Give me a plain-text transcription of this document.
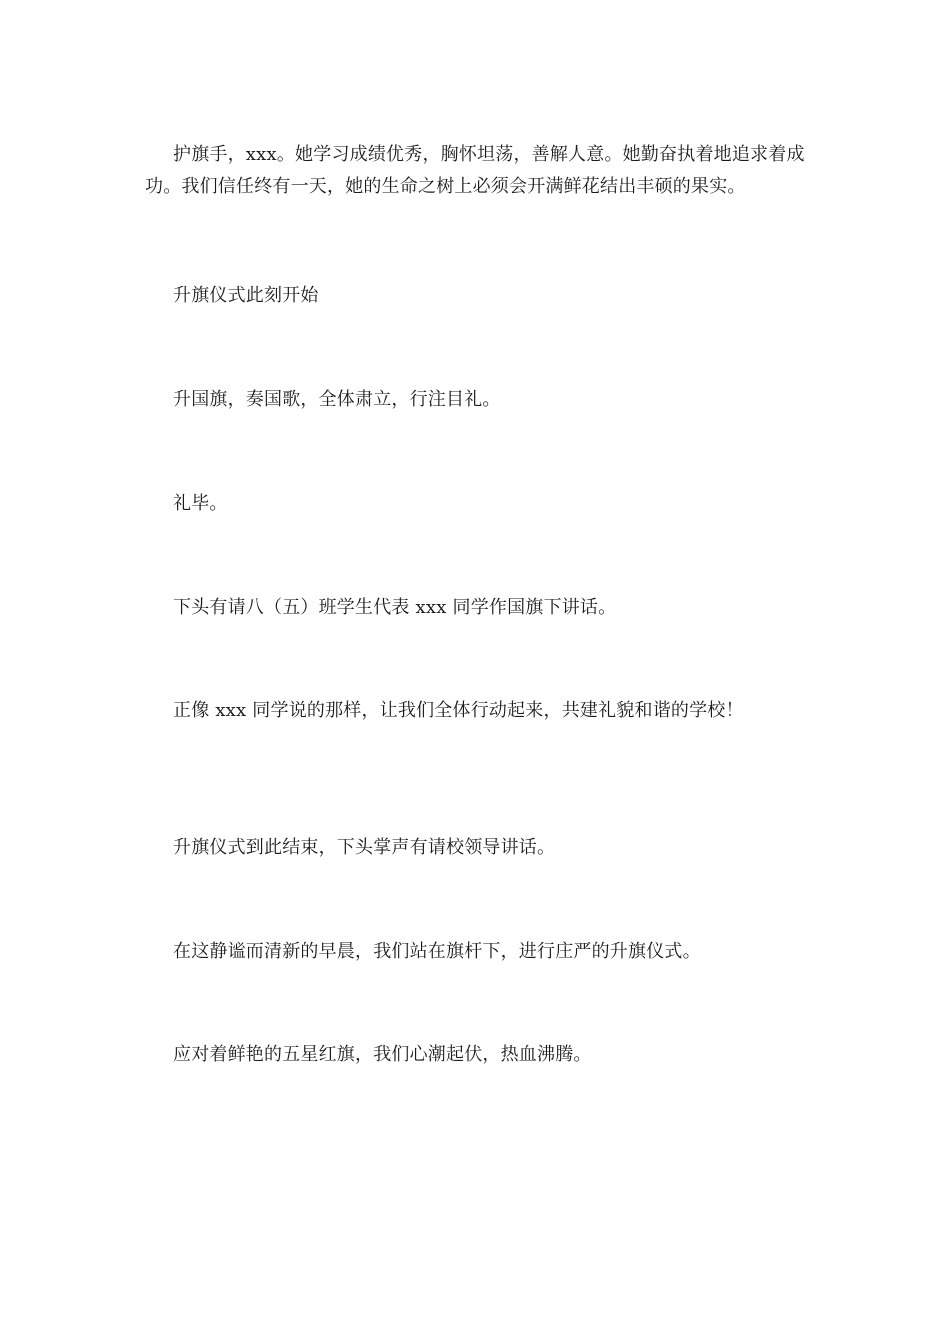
护旗手，xxx。她学习成绩优秀，胸怀坦荡，善解人意。她勤奋执着地追求着成功。我们信任终有一天，她的生命之树上必须会开满鲜花结出丰硕的果实。

升旗仪式此刻开始

升国旗，奏国歌，全体肃立，行注目礼。

礼毕。

下头有请八（五）班学生代表 xxx 同学作国旗下讲话。

正像 xxx 同学说的那样，让我们全体行动起来，共建礼貌和谐的学校！

升旗仪式到此结束，下头掌声有请校领导讲话。

在这静谧而清新的早晨，我们站在旗杆下，进行庄严的升旗仪式。

应对着鲜艳的五星红旗，我们心潮起伏，热血沸腾。
